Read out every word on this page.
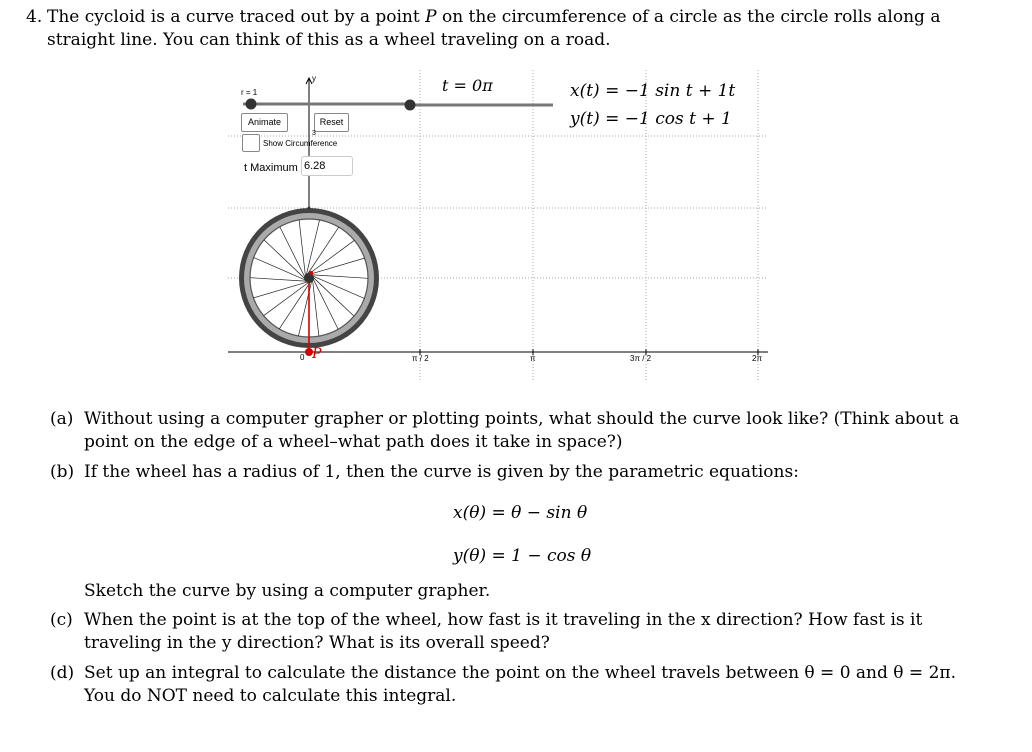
4. The cycloid is a curve traced out by a point P on the circumference of a circle as the circle rolls along a straight line. You can think of this as a wheel traveling on a road.
r = 1
y	t = 0π
Animate	Reset
Show Circumference
3
t Maximum 6.28
0 P	π / 2	π	3π / 2	2π
x(t) = −1 sin t + 1t
y(t) = −1 cos t + 1
(a) Without using a computer grapher or plotting points, what should the curve look like? (Think about a point on the edge of a wheel–what path does it take in space?)
(b) If the wheel has a radius of 1, then the curve is given by the parametric equations:
x(θ) = θ − sin θ
y(θ) = 1 − cos θ
Sketch the curve by using a computer grapher.
(c) When the point is at the top of the wheel, how fast is it traveling in the x direction? How fast is it traveling in the y direction? What is its overall speed?
(d) Set up an integral to calculate the distance the point on the wheel travels between θ = 0 and θ = 2π. You do NOT need to calculate this integral.
